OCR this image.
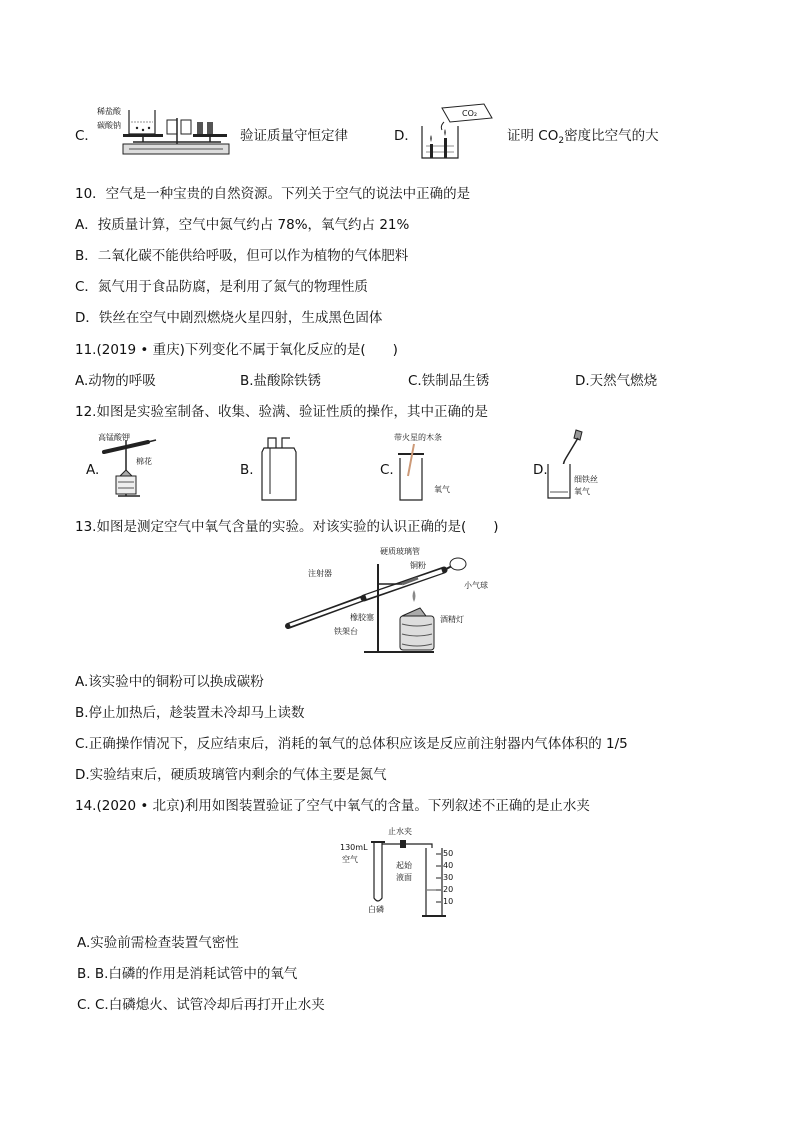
C．
稀盐酸
碳酸钠
验证质量守恒定律	D．
CO₂
证明 $CO_2$密度比空气的大
10．空气是一种宝贵的自然资源。下列关于空气的说法中正确的是
A．按质量计算，空气中氮气约占 78%，氧气约占 21%
B．二氧化碳不能供给呼吸，但可以作为植物的气体肥料
C．氮气用于食品防腐，是利用了氮气的物理性质
D．铁丝在空气中剧烈燃烧火星四射，生成黑色固体
11.(2019 • 重庆)下列变化不属于氧化反应的是(　　)
A.动物的呼吸	B.盐酸除铁锈	C.铁制品生锈	D.天然气燃烧
12.如图是实验室制备、收集、验满、验证性质的操作，其中正确的是
A.
高锰酸钾
棉花
B.	C.
带火星的木条
氧气
D.
细铁丝
氧气
13.如图是测定空气中氧气含量的实验。对该实验的认识正确的是(　　)
硬质玻璃管
注射器
铜粉
小气球
橡胶塞	酒精灯
铁架台
A.该实验中的铜粉可以换成碳粉
B.停止加热后，趁装置未冷却马上读数
C.正确操作情况下，反应结束后，消耗的氧气的总体积应该是反应前注射器内气体体积的 1/5
D.实验结束后，硬质玻璃管内剩余的气体主要是氮气
14.(2020 • 北京)利用如图装置验证了空气中氧气的含量。下列叙述不正确的是止水夹
止水夹
130mL
空气
起始
液面
白磷
50
40
30
20
10
A.实验前需检查装置气密性
B. B.白磷的作用是消耗试管中的氧气
C. C.白磷熄火、试管冷却后再打开止水夹
